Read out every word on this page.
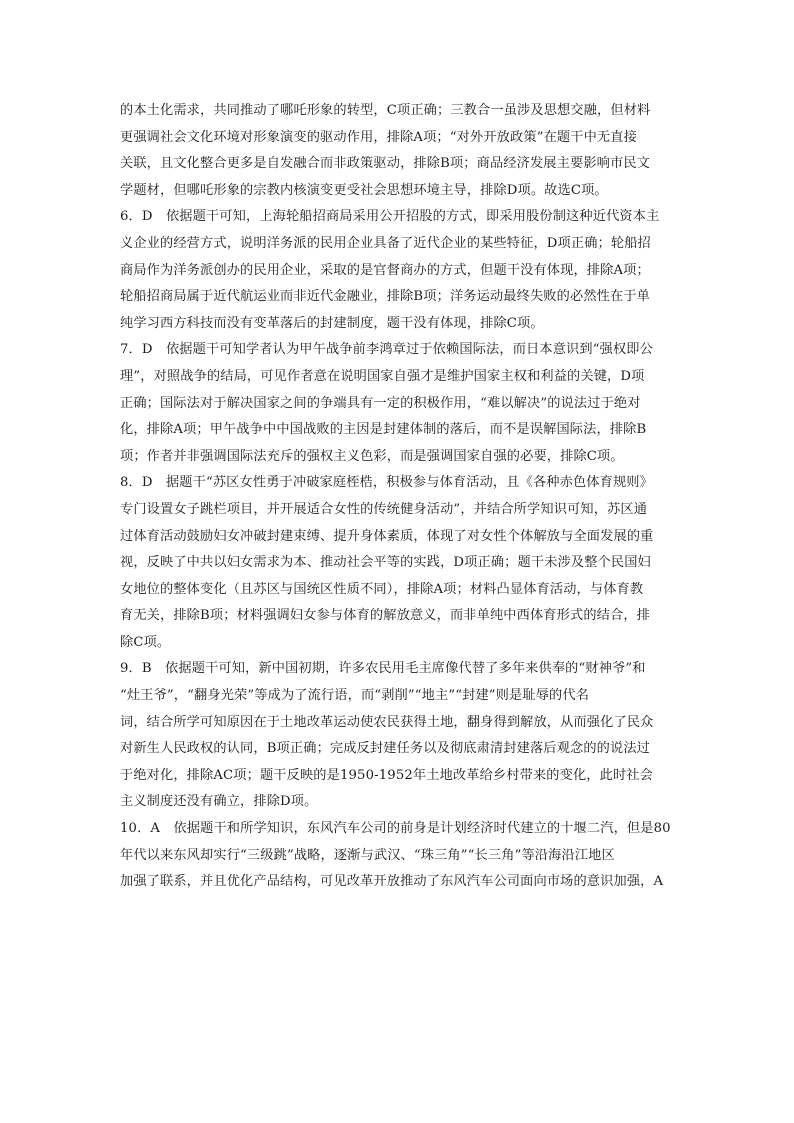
的本土化需求，共同推动了哪吒形象的转型，C项正确；三教合一虽涉及思想交融，但材料
更强调社会文化环境对形象演变的驱动作用，排除A项；“对外开放政策”在题干中无直接
关联，且文化整合更多是自发融合而非政策驱动，排除B项；商品经济发展主要影响市民文
学题材，但哪吒形象的宗教内核演变更受社会思想环境主导，排除D项。故选C项。

6．D　依据题干可知，上海轮船招商局采用公开招股的方式，即采用股份制这种近代资本主
义企业的经营方式，说明洋务派的民用企业具备了近代企业的某些特征，D项正确；轮船招
商局作为洋务派创办的民用企业，采取的是官督商办的方式，但题干没有体现，排除A项；
轮船招商局属于近代航运业而非近代金融业，排除B项；洋务运动最终失败的必然性在于单
纯学习西方科技而没有变革落后的封建制度，题干没有体现，排除C项。

7．D　依据题干可知学者认为甲午战争前李鸿章过于依赖国际法，而日本意识到“强权即公
理”，对照战争的结局，可见作者意在说明国家自强才是维护国家主权和利益的关键，D项
正确；国际法对于解决国家之间的争端具有一定的积极作用，“难以解决”的说法过于绝对
化，排除A项；甲午战争中中国战败的主因是封建体制的落后，而不是误解国际法，排除B
项；作者并非强调国际法充斥的强权主义色彩，而是强调国家自强的必要，排除C项。

8．D　据题干“苏区女性勇于冲破家庭桎梏，积极参与体育活动，且《各种赤色体育规则》
专门设置女子跳栏项目，并开展适合女性的传统健身活动”，并结合所学知识可知，苏区通
过体育活动鼓励妇女冲破封建束缚、提升身体素质，体现了对女性个体解放与全面发展的重
视，反映了中共以妇女需求为本、推动社会平等的实践，D项正确；题干未涉及整个民国妇
女地位的整体变化（且苏区与国统区性质不同），排除A项；材料凸显体育活动，与体育教
育无关，排除B项；材料强调妇女参与体育的解放意义，而非单纯中西体育形式的结合，排
除C项。

9．B　依据题干可知，新中国初期，许多农民用毛主席像代替了多年来供奉的“财神爷”和
“灶王爷”，“翻身光荣”等成为了流行语，而“剥削”“地主”“封建”则是耻辱的代名
词，结合所学可知原因在于土地改革运动使农民获得土地，翻身得到解放，从而强化了民众
对新生人民政权的认同，B项正确；完成反封建任务以及彻底肃清封建落后观念的的说法过
于绝对化，排除AC项；题干反映的是1950-1952年土地改革给乡村带来的变化，此时社会
主义制度还没有确立，排除D项。

10．A　依据题干和所学知识，东风汽车公司的前身是计划经济时代建立的十堰二汽，但是80
年代以来东风却实行“三级跳”战略，逐渐与武汉、“珠三角”“长三角”等沿海沿江地区
加强了联系，并且优化产品结构，可见改革开放推动了东风汽车公司面向市场的意识加强，A
